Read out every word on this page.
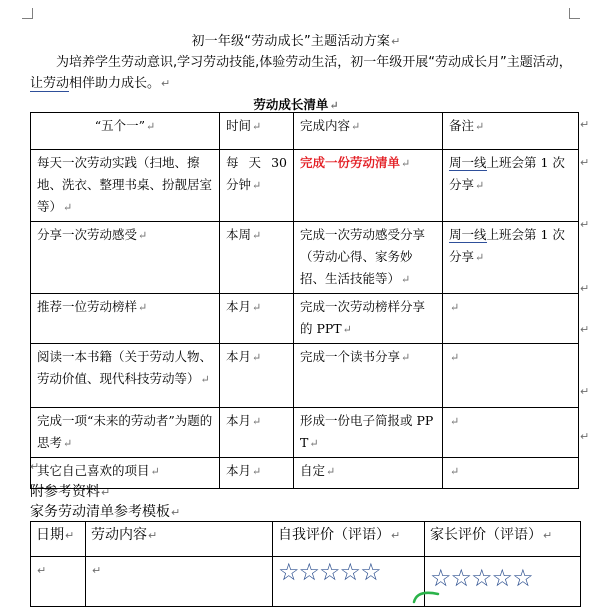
初一年级“劳动成长”主题活动方案↵
为培养学生劳动意识,学习劳动技能,体验劳动生活，初一年级开展“劳动成长月”主题活动，让劳动相伴助力成长。↵
劳动成长清单↵
“五个一”↵	时间↵	完成内容↵	备注↵
每天一次劳动实践（扫地、擦地、洗衣、整理书桌、扮靓居室等）↵	每 天 30 分钟↵	完成一份劳动清单↵	周一线上班会第 1 次分享↵
分享一次劳动感受↵	本周↵	完成一次劳动感受分享（劳动心得、家务妙招、生活技能等）↵	周一线上班会第 1 次分享↵
推荐一位劳动榜样↵	本月↵	完成一次劳动榜样分享的 PPT↵	↵
阅读一本书籍（关于劳动人物、劳动价值、现代科技劳动等）↵	本月↵	完成一个读书分享↵	↵
完成一项“未来的劳动者”为题的思考↵	本月↵	形成一份电子简报或 PPT↵	↵
其它自己喜欢的项目↵	本月↵	自定↵	↵
↵
↵
↵
↵
↵
↵
↵
↵
附参考资料↵
家务劳动清单参考模板↵
日期↵	劳动内容↵	自我评价（评语）↵	家长评价（评语）↵
↵	↵	☆☆☆☆☆	☆☆☆☆☆
